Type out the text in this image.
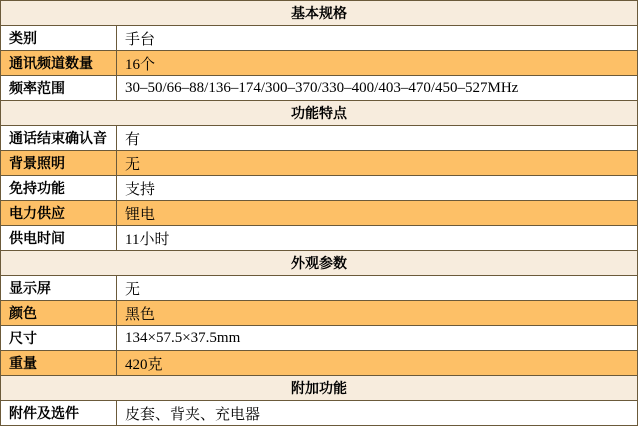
基本规格	
类别	手台
通讯频道数量	16个
频率范围	30–50/66–88/136–174/300–370/330–400/403–470/450–527MHz
功能特点	
通话结束确认音	有
背景照明	无
免持功能	支持
电力供应	锂电
供电时间	11小时
外观参数	
显示屏	无
颜色	黑色
尺寸	134×57.5×37.5mm
重量	420克
附加功能	
附件及选件	皮套、背夹、充电器
